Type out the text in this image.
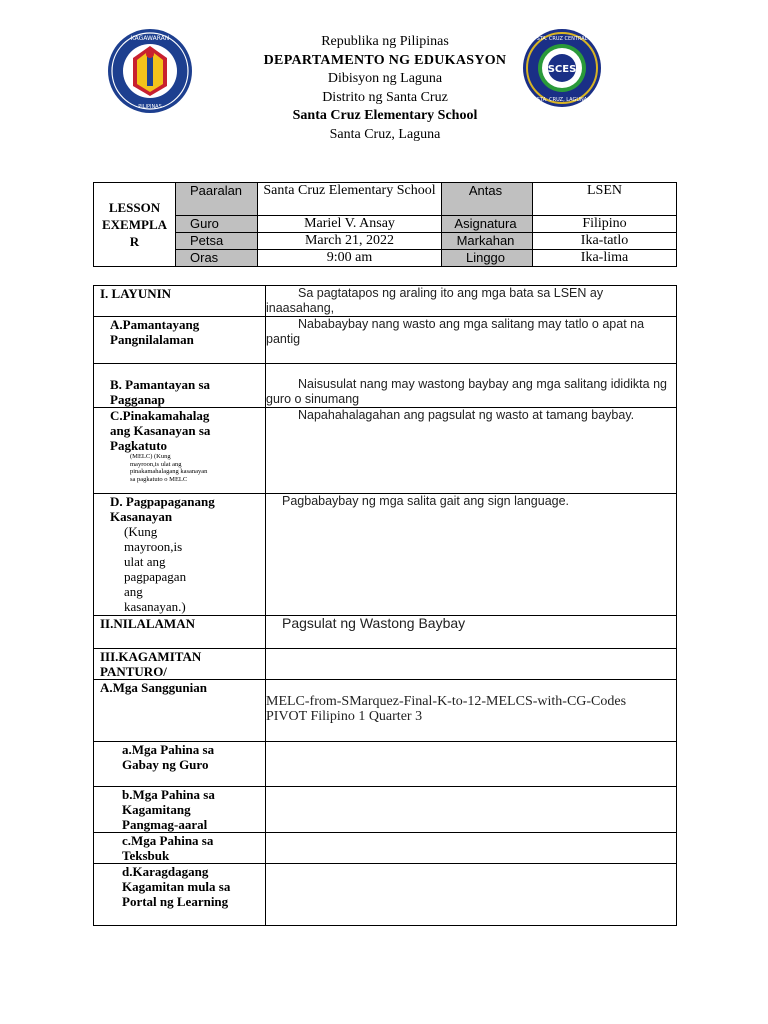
KAGAWARAN
PILIPINAS
SCES
STA. CRUZ CENTRAL
STA. CRUZ, LAGUNA
Republika ng Pilipinas
DEPARTAMENTO NG EDUKASYON
Dibisyon ng Laguna
Distrito ng Santa Cruz
Santa Cruz Elementary School
Santa Cruz, Laguna
LESSON EXEMPLA R	Paaralan	Santa Cruz Elementary School	Antas	LSEN
	Guro	Mariel V. Ansay	Asignatura	Filipino
	Petsa	March 21, 2022	Markahan	Ika-tatlo
	Oras	9:00 am	Linggo	Ika-lima
I. LAYUNIN	Sa pagtatapos ng araling ito ang mga bata sa LSEN ay inaasahang,
A.Pamantayang Pangnilalaman	Nababaybay nang wasto ang mga salitang may tatlo o apat na pantig
B. Pamantayan sa Pagganap	Naisusulat nang may wastong baybay ang mga salitang ididikta ng guro o sinumang

C.Pinakamahalag ang Kasanayan sa Pagkatuto
(MELC) (Kung
mayroon,is ulat ang
pinakamahalagang kasanayan
sa pagkatuto o MELC	Napahahalagahan ang pagsulat ng wasto at tamang baybay.

D. Pagpapaganang Kasanayan
(Kung mayroon,is ulat ang pagpapagan ang kasanayan.)	Pagbabaybay ng mga salita gait ang sign language.
II.NILALAMAN	Pagsulat ng Wastong Baybay
III.KAGAMITAN PANTURO/	
A.Mga Sanggunian	MELC-from-SMarquez-Final-K-to-12-MELCS-with-CG-Codes
PIVOT Filipino 1 Quarter 3

a.Mga Pahina sa Gabay ng Guro	
b.Mga Pahina sa Kagamitang Pangmag-aaral	
c.Mga Pahina sa Teksbuk	
d.Karagdagang Kagamitan mula sa Portal ng Learning	
